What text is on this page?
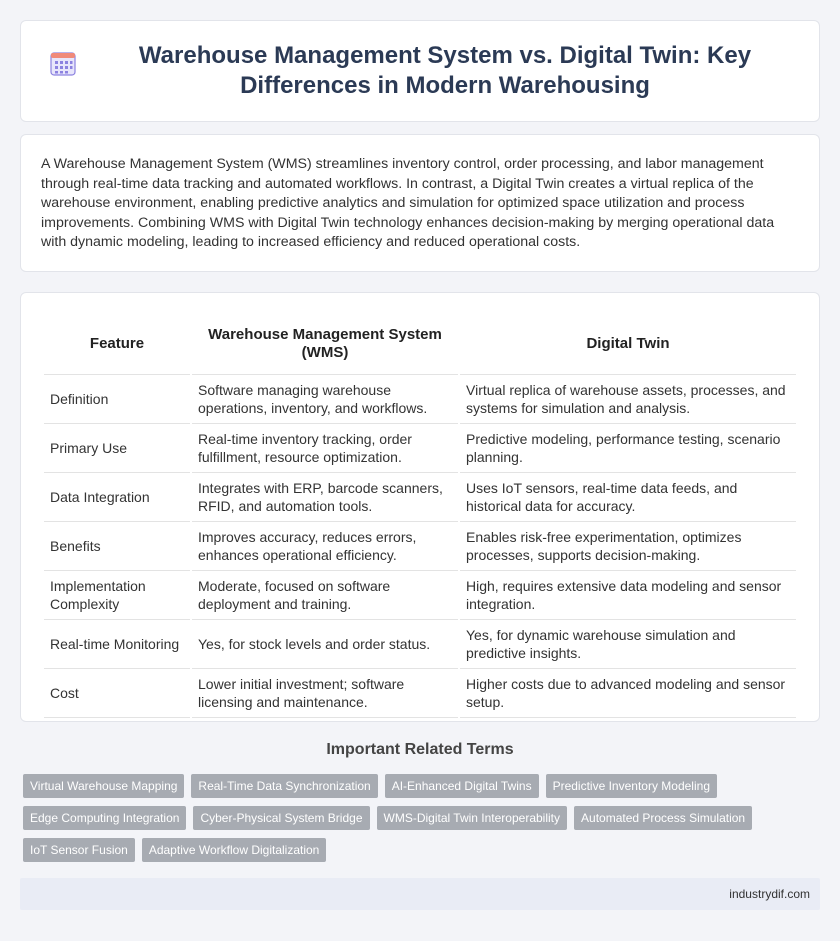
Warehouse Management System vs. Digital Twin: Key Differences in Modern Warehousing

A Warehouse Management System (WMS) streamlines inventory control, order processing, and labor management through real-time data tracking and automated workflows. In contrast, a Digital Twin creates a virtual replica of the warehouse environment, enabling predictive analytics and simulation for optimized space utilization and process improvements. Combining WMS with Digital Twin technology enhances decision-making by merging operational data with dynamic modeling, leading to increased efficiency and reduced operational costs.

Feature	Warehouse Management System (WMS)	Digital Twin
Definition	Software managing warehouse operations, inventory, and workflows.	Virtual replica of warehouse assets, processes, and systems for simulation and analysis.
Primary Use	Real-time inventory tracking, order fulfillment, resource optimization.	Predictive modeling, performance testing, scenario planning.
Data Integration	Integrates with ERP, barcode scanners, RFID, and automation tools.	Uses IoT sensors, real-time data feeds, and historical data for accuracy.
Benefits	Improves accuracy, reduces errors, enhances operational efficiency.	Enables risk-free experimentation, optimizes processes, supports decision-making.
Implementation Complexity	Moderate, focused on software deployment and training.	High, requires extensive data modeling and sensor integration.
Real-time Monitoring	Yes, for stock levels and order status.	Yes, for dynamic warehouse simulation and predictive insights.
Cost	Lower initial investment; software licensing and maintenance.	Higher costs due to advanced modeling and sensor setup.
Important Related Terms
Virtual Warehouse Mapping	Real-Time Data Synchronization	AI-Enhanced Digital Twins	Predictive Inventory Modeling
Edge Computing Integration	Cyber-Physical System Bridge	WMS-Digital Twin Interoperability	Automated Process Simulation
IoT Sensor Fusion	Adaptive Workflow Digitalization
industrydif.com
